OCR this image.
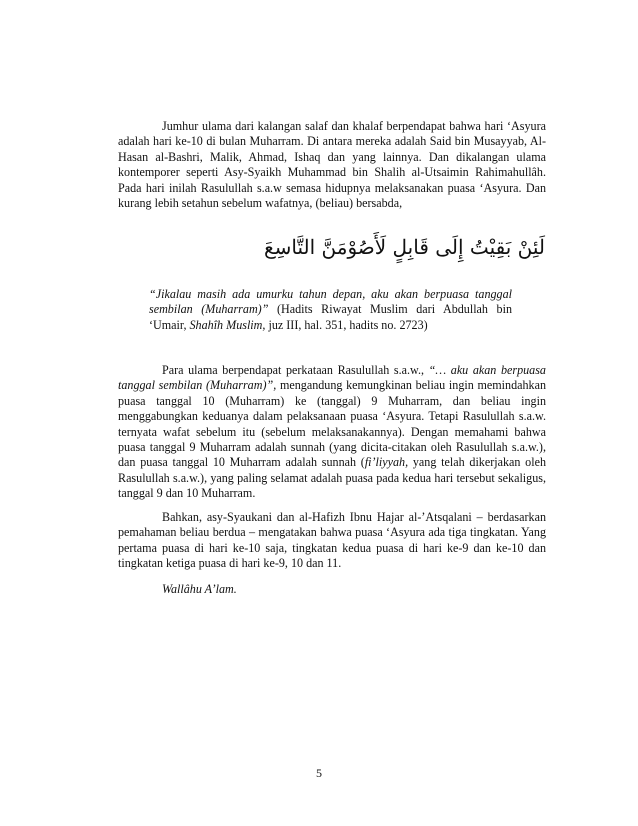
Jumhur ulama dari kalangan salaf dan khalaf berpendapat bahwa hari ‘Asyura adalah hari ke-10 di bulan Muharram. Di antara mereka adalah Said bin Musayyab, Al-Hasan al-Bashri, Malik, Ahmad, Ishaq dan yang lainnya. Dan dikalangan ulama kontemporer seperti Asy-Syaikh Muhammad bin Shalih al-Utsaimin Rahimahullâh. Pada hari inilah Rasulullah s.a.w semasa hidupnya melaksanakan puasa ‘Asyura. Dan kurang lebih setahun sebelum wafatnya, (beliau) bersabda,

لَئِنْ بَقِيْتُ إِلَى قَابِلٍ لَأَصُوْمَنَّ التَّاسِعَ

“Jikalau masih ada umurku tahun depan, aku akan berpuasa tanggal sembilan (Muharram)” (Hadits Riwayat Muslim dari Abdullah bin ‘Umair, Shahîh Muslim, juz III, hal. 351, hadits no. 2723)

Para ulama berpendapat perkataan Rasulullah s.a.w., “… aku akan berpuasa tanggal sembilan (Muharram)”, mengandung kemungkinan beliau ingin memindahkan puasa tanggal 10 (Muharram) ke (tanggal) 9 Muharram, dan beliau ingin menggabungkan keduanya dalam pelaksanaan puasa ‘Asyura. Tetapi Rasulullah s.a.w. ternyata wafat sebelum itu (sebelum melaksanakannya). Dengan memahami bahwa puasa tanggal 9 Muharram adalah sunnah (yang dicita-citakan oleh Rasulullah s.a.w.), dan puasa tanggal 10 Muharram adalah sunnah (fi’liyyah, yang telah dikerjakan oleh Rasulullah s.a.w.), yang paling selamat adalah puasa pada kedua hari tersebut sekaligus, tanggal 9 dan 10 Muharram.

Bahkan, asy-Syaukani dan al-Hafizh Ibnu Hajar al-’Atsqalani – berdasarkan pemahaman beliau berdua – mengatakan bahwa puasa ‘Asyura ada tiga tingkatan. Yang pertama puasa di hari ke-10 saja, tingkatan kedua puasa di hari ke-9 dan ke-10 dan tingkatan ketiga puasa di hari ke-9, 10 dan 11.

Wallâhu A’lam.

5
